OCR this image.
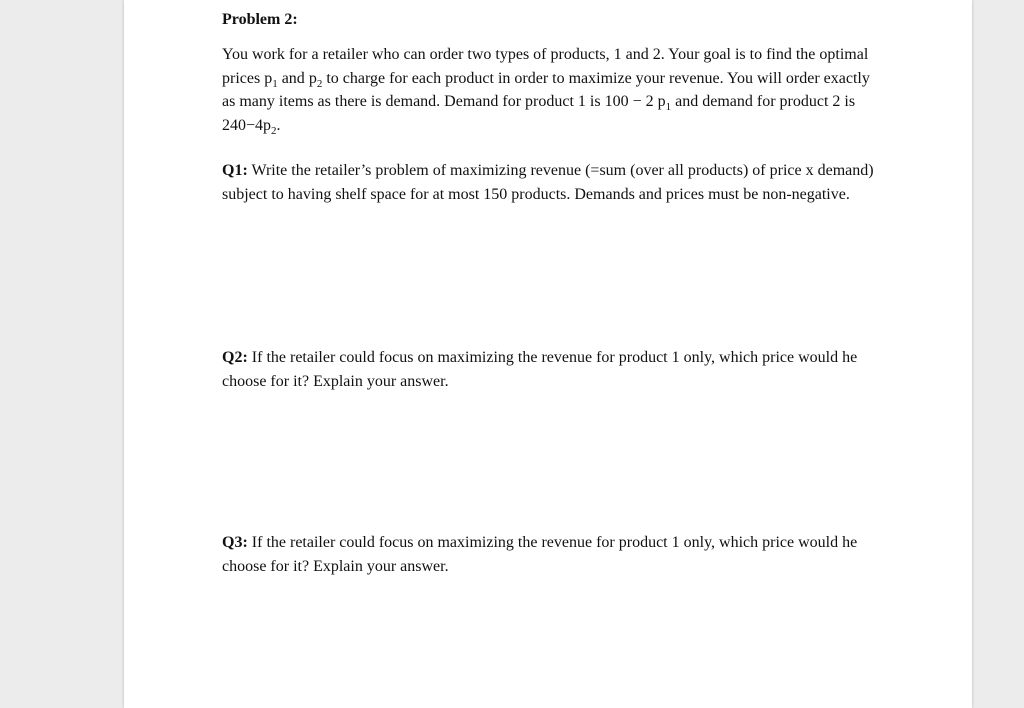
Problem 2:

You work for a retailer who can order two types of products, 1 and 2. Your goal is to find the optimal prices $p_1$ and $p_2$ to charge for each product in order to maximize your revenue. You will order exactly as many items as there is demand. Demand for product 1 is 100 − 2 $p_1$ and demand for product 2 is $240-4p_2$.

Q1: Write the retailer’s problem of maximizing revenue (=sum (over all products) of price x demand) subject to having shelf space for at most 150 products. Demands and prices must be non-negative.

Q2: If the retailer could focus on maximizing the revenue for product 1 only, which price would he choose for it? Explain your answer.

Q3: If the retailer could focus on maximizing the revenue for product 1 only, which price would he choose for it? Explain your answer.
